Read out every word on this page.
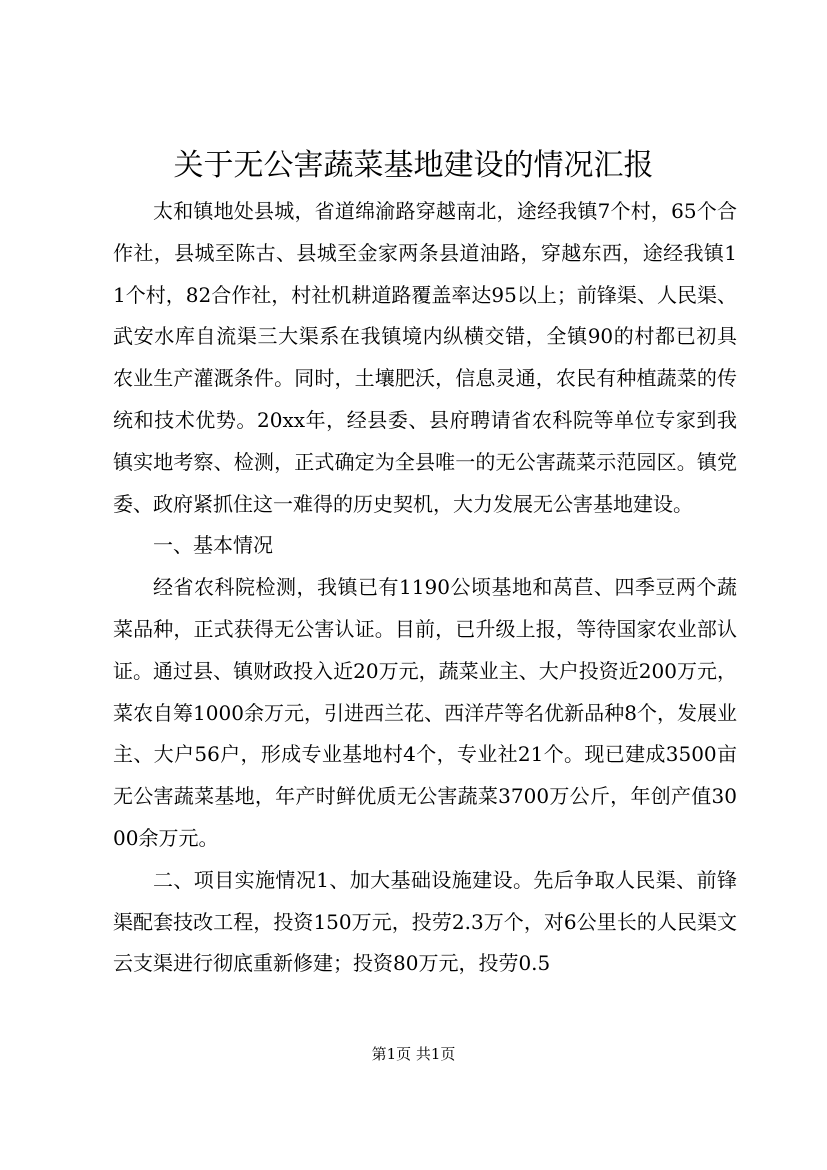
关于无公害蔬菜基地建设的情况汇报

太和镇地处县城，省道绵渝路穿越南北，途经我镇7个村，65个合作社，县城至陈古、县城至金家两条县道油路，穿越东西，途经我镇11个村，82合作社，村社机耕道路覆盖率达95以上；前锋渠、人民渠、武安水库自流渠三大渠系在我镇境内纵横交错，全镇90的村都已初具农业生产灌溉条件。同时，土壤肥沃，信息灵通，农民有种植蔬菜的传统和技术优势。20xx年，经县委、县府聘请省农科院等单位专家到我镇实地考察、检测，正式确定为全县唯一的无公害蔬菜示范园区。镇党委、政府紧抓住这一难得的历史契机，大力发展无公害基地建设。

一、基本情况

经省农科院检测，我镇已有1190公顷基地和莴苣、四季豆两个蔬菜品种，正式获得无公害认证。目前，已升级上报，等待国家农业部认证。通过县、镇财政投入近20万元，蔬菜业主、大户投资近200万元，菜农自筹1000余万元，引进西兰花、西洋芹等名优新品种8个，发展业主、大户56户，形成专业基地村4个，专业社21个。现已建成3500亩无公害蔬菜基地，年产时鲜优质无公害蔬菜3700万公斤，年创产值3000余万元。

二、项目实施情况1、加大基础设施建设。先后争取人民渠、前锋渠配套技改工程，投资150万元，投劳2.3万个，对6公里长的人民渠文云支渠进行彻底重新修建；投资80万元，投劳0.5

第1页 共1页
